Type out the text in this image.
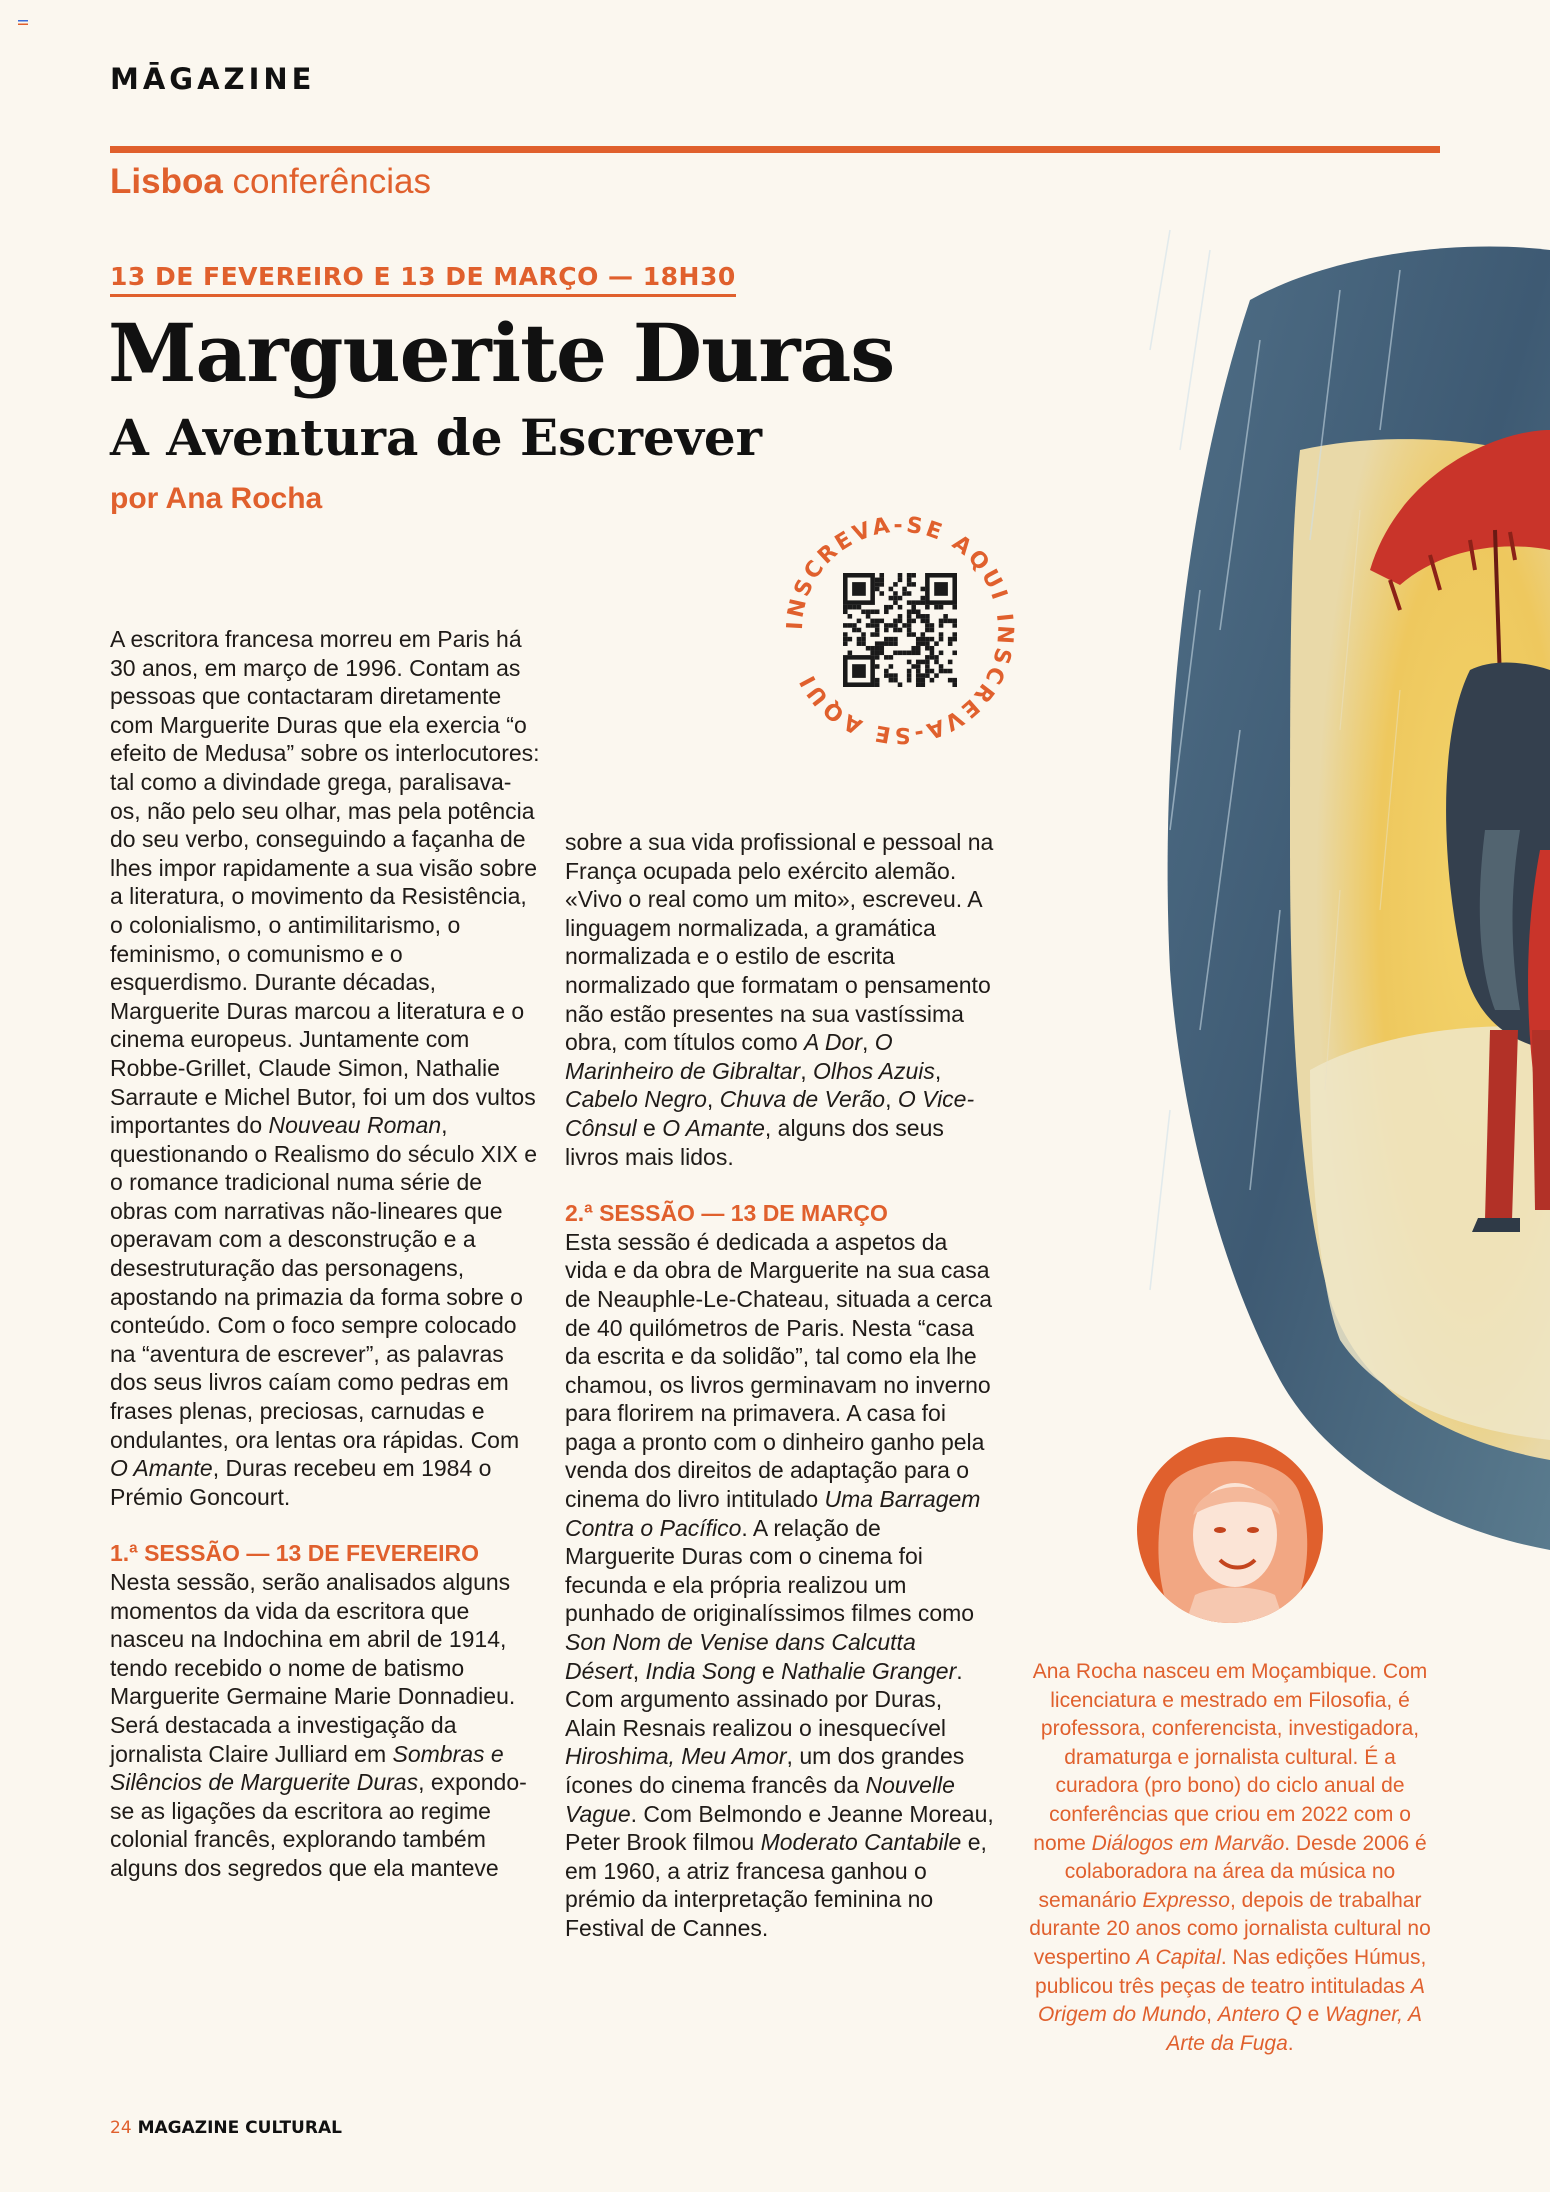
MĀGAZINE
Lisboa conferências
13 DE FEVEREIRO E 13 DE MARÇO — 18H30
Marguerite Duras
A Aventura de Escrever
por Ana Rocha
INSCREVA-SE AQUI INSCREVA-SE AQUI

A escritora francesa morreu em Paris há 30 anos, em março de 1996. Contam as pessoas que contactaram diretamente com Marguerite Duras que ela exercia “o efeito de Medusa” sobre os interlocutores: tal como a divindade grega, paralisava-os, não pelo seu olhar, mas pela potência do seu verbo, conseguindo a façanha de lhes impor rapidamente a sua visão sobre a literatura, o movimento da Resistência, o colonialismo, o antimilitarismo, o feminismo, o comunismo e o esquerdismo. Durante décadas, Marguerite Duras marcou a literatura e o cinema europeus. Juntamente com Robbe-Grillet, Claude Simon, Nathalie Sarraute e Michel Butor, foi um dos vultos importantes do Nouveau Roman, questionando o Realismo do século XIX e o romance tradicional numa série de obras com narrativas não-lineares que operavam com a desconstrução e a desestruturação das personagens, apostando na primazia da forma sobre o conteúdo. Com o foco sempre colocado na “aventura de escrever”, as palavras dos seus livros caíam como pedras em frases plenas, preciosas, carnudas e ondulantes, ora lentas ora rápidas. Com O Amante, Duras recebeu em 1984 o Prémio Goncourt.

1.ª SESSÃO — 13 DE FEVEREIRO

Nesta sessão, serão analisados alguns momentos da vida da escritora que nasceu na Indochina em abril de 1914, tendo recebido o nome de batismo Marguerite Germaine Marie Donnadieu. Será destacada a investigação da jornalista Claire Julliard em Sombras e Silêncios de Marguerite Duras, expondo-se as ligações da escritora ao regime colonial francês, explorando também alguns dos segredos que ela manteve

sobre a sua vida profissional e pessoal na França ocupada pelo exército alemão. «Vivo o real como um mito», escreveu. A linguagem normalizada, a gramática normalizada e o estilo de escrita normalizado que formatam o pensamento não estão presentes na sua vastíssima obra, com títulos como A Dor, O Marinheiro de Gibraltar, Olhos Azuis, Cabelo Negro, Chuva de Verão, O Vice-Cônsul e O Amante, alguns dos seus livros mais lidos.

2.ª SESSÃO — 13 DE MARÇO

Esta sessão é dedicada a aspetos da vida e da obra de Marguerite na sua casa de Neauphle-Le-Chateau, situada a cerca de 40 quilómetros de Paris. Nesta “casa da escrita e da solidão”, tal como ela lhe chamou, os livros germinavam no inverno para florirem na primavera. A casa foi paga a pronto com o dinheiro ganho pela venda dos direitos de adaptação para o cinema do livro intitulado Uma Barragem Contra o Pacífico. A relação de Marguerite Duras com o cinema foi fecunda e ela própria realizou um punhado de originalíssimos filmes como Son Nom de Venise dans Calcutta Désert, India Song e Nathalie Granger. Com argumento assinado por Duras, Alain Resnais realizou o inesquecível Hiroshima, Meu Amor, um dos grandes ícones do cinema francês da Nouvelle Vague. Com Belmondo e Jeanne Moreau, Peter Brook filmou Moderato Cantabile e, em 1960, a atriz francesa ganhou o prémio da interpretação feminina no Festival de Cannes.

Ana Rocha nasceu em Moçambique. Com licenciatura e mestrado em Filosofia, é professora, conferencista, investigadora, dramaturga e jornalista cultural. É a curadora (pro bono) do ciclo anual de conferências que criou em 2022 com o nome Diálogos em Marvão. Desde 2006 é colaboradora na área da música no semanário Expresso, depois de trabalhar durante 20 anos como jornalista cultural no vespertino A Capital. Nas edições Húmus, publicou três peças de teatro intituladas A Origem do Mundo, Antero Q e Wagner, A Arte da Fuga.
24 MAGAZINE CULTURAL
